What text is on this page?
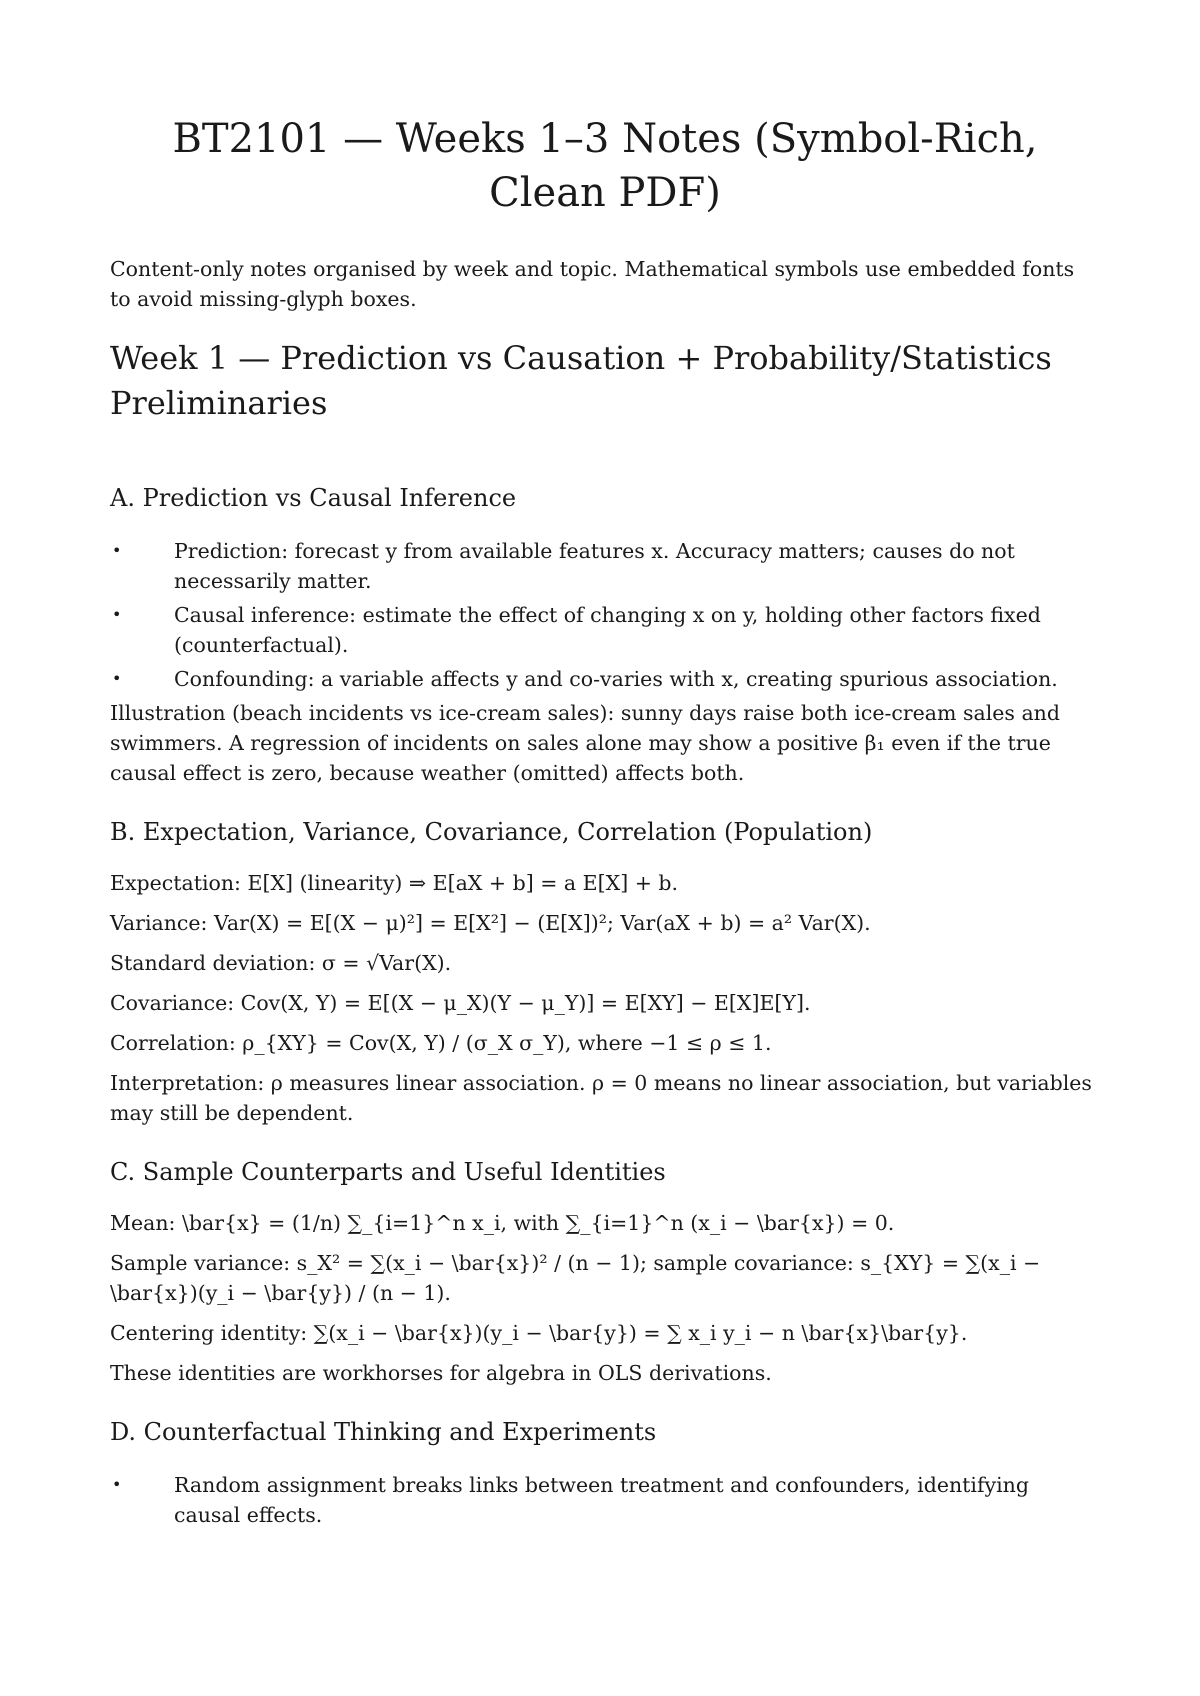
BT2101 — Weeks 1–3 Notes (Symbol-Rich, Clean PDF)

Content-only notes organised by week and topic. Mathematical symbols use embedded fonts to avoid missing-glyph boxes.

Week 1 — Prediction vs Causation + Probability/Statistics Preliminaries
A. Prediction vs Causal Inference
•	Prediction: forecast y from available features x. Accuracy matters; causes do not necessarily matter.
•	Causal inference: estimate the effect of changing x on y, holding other factors fixed (counterfactual).
•	Confounding: a variable affects y and co-varies with x, creating spurious association.

Illustration (beach incidents vs ice-cream sales): sunny days raise both ice-cream sales and swimmers. A regression of incidents on sales alone may show a positive β₁ even if the true causal effect is zero, because weather (omitted) affects both.

B. Expectation, Variance, Covariance, Correlation (Population)

Expectation: E[X] (linearity) ⇒ E[aX + b] = a E[X] + b.

Variance: Var(X) = E[(X − μ)²] = E[X²] − (E[X])²; Var(aX + b) = a² Var(X).

Standard deviation: σ = √Var(X).

Covariance: Cov(X, Y) = E[(X − μ_X)(Y − μ_Y)] = E[XY] − E[X]E[Y].

Correlation: ρ_{XY} = Cov(X, Y) / (σ_X σ_Y), where −1 ≤ ρ ≤ 1.

Interpretation: ρ measures linear association. ρ = 0 means no linear association, but variables may still be dependent.

C. Sample Counterparts and Useful Identities

Mean: \bar{x} = (1/n) ∑_{i=1}^n x_i, with ∑_{i=1}^n (x_i − \bar{x}) = 0.

Sample variance: s_X² = ∑(x_i − \bar{x})² / (n − 1); sample covariance: s_{XY} = ∑(x_i − \bar{x})(y_i − \bar{y}) / (n − 1).

Centering identity: ∑(x_i − \bar{x})(y_i − \bar{y}) = ∑ x_i y_i − n \bar{x}\bar{y}.

These identities are workhorses for algebra in OLS derivations.

D. Counterfactual Thinking and Experiments
•	Random assignment breaks links between treatment and confounders, identifying causal effects.
